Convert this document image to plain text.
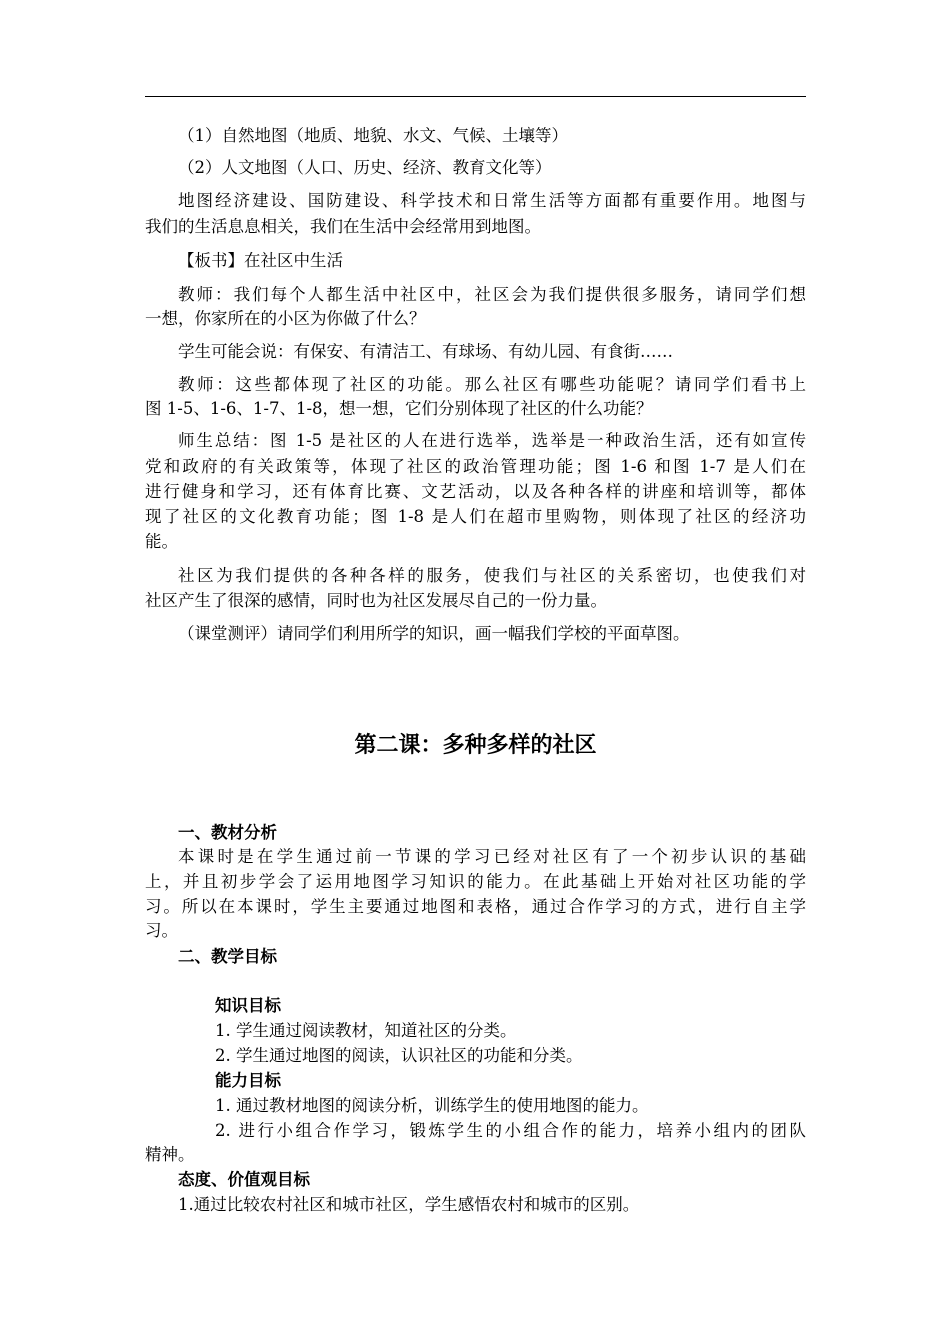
（1）自然地图（地质、地貌、水文、气候、土壤等）
（2）人文地图（人口、历史、经济、教育文化等）
地图经济建设、国防建设、科学技术和日常生活等方面都有重要作用。地图与
我们的生活息息相关，我们在生活中会经常用到地图。
【板书】在社区中生活
教师：我们每个人都生活中社区中，社区会为我们提供很多服务，请同学们想
一想，你家所在的小区为你做了什么？
学生可能会说：有保安、有清洁工、有球场、有幼儿园、有食街……
教师：这些都体现了社区的功能。那么社区有哪些功能呢？请同学们看书上
图 1-5、1-6、1-7、1-8，想一想，它们分别体现了社区的什么功能？
师生总结：图 1-5 是社区的人在进行选举，选举是一种政治生活，还有如宣传
党和政府的有关政策等，体现了社区的政治管理功能；图 1-6 和图 1-7 是人们在
进行健身和学习，还有体育比赛、文艺活动，以及各种各样的讲座和培训等，都体
现了社区的文化教育功能；图 1-8 是人们在超市里购物，则体现了社区的经济功
能。
社区为我们提供的各种各样的服务，使我们与社区的关系密切，也使我们对
社区产生了很深的感情，同时也为社区发展尽自己的一份力量。
（课堂测评）请同学们利用所学的知识，画一幅我们学校的平面草图。
第二课：多种多样的社区
一、教材分析
本课时是在学生通过前一节课的学习已经对社区有了一个初步认识的基础
上，并且初步学会了运用地图学习知识的能力。在此基础上开始对社区功能的学
习。所以在本课时，学生主要通过地图和表格，通过合作学习的方式，进行自主学
习。
二、教学目标
知识目标
1. 学生通过阅读教材，知道社区的分类。
2. 学生通过地图的阅读，认识社区的功能和分类。
能力目标
1. 通过教材地图的阅读分析，训练学生的使用地图的能力。
2. 进行小组合作学习，锻炼学生的小组合作的能力，培养小组内的团队
精神。
态度、价值观目标
1.通过比较农村社区和城市社区，学生感悟农村和城市的区别。
